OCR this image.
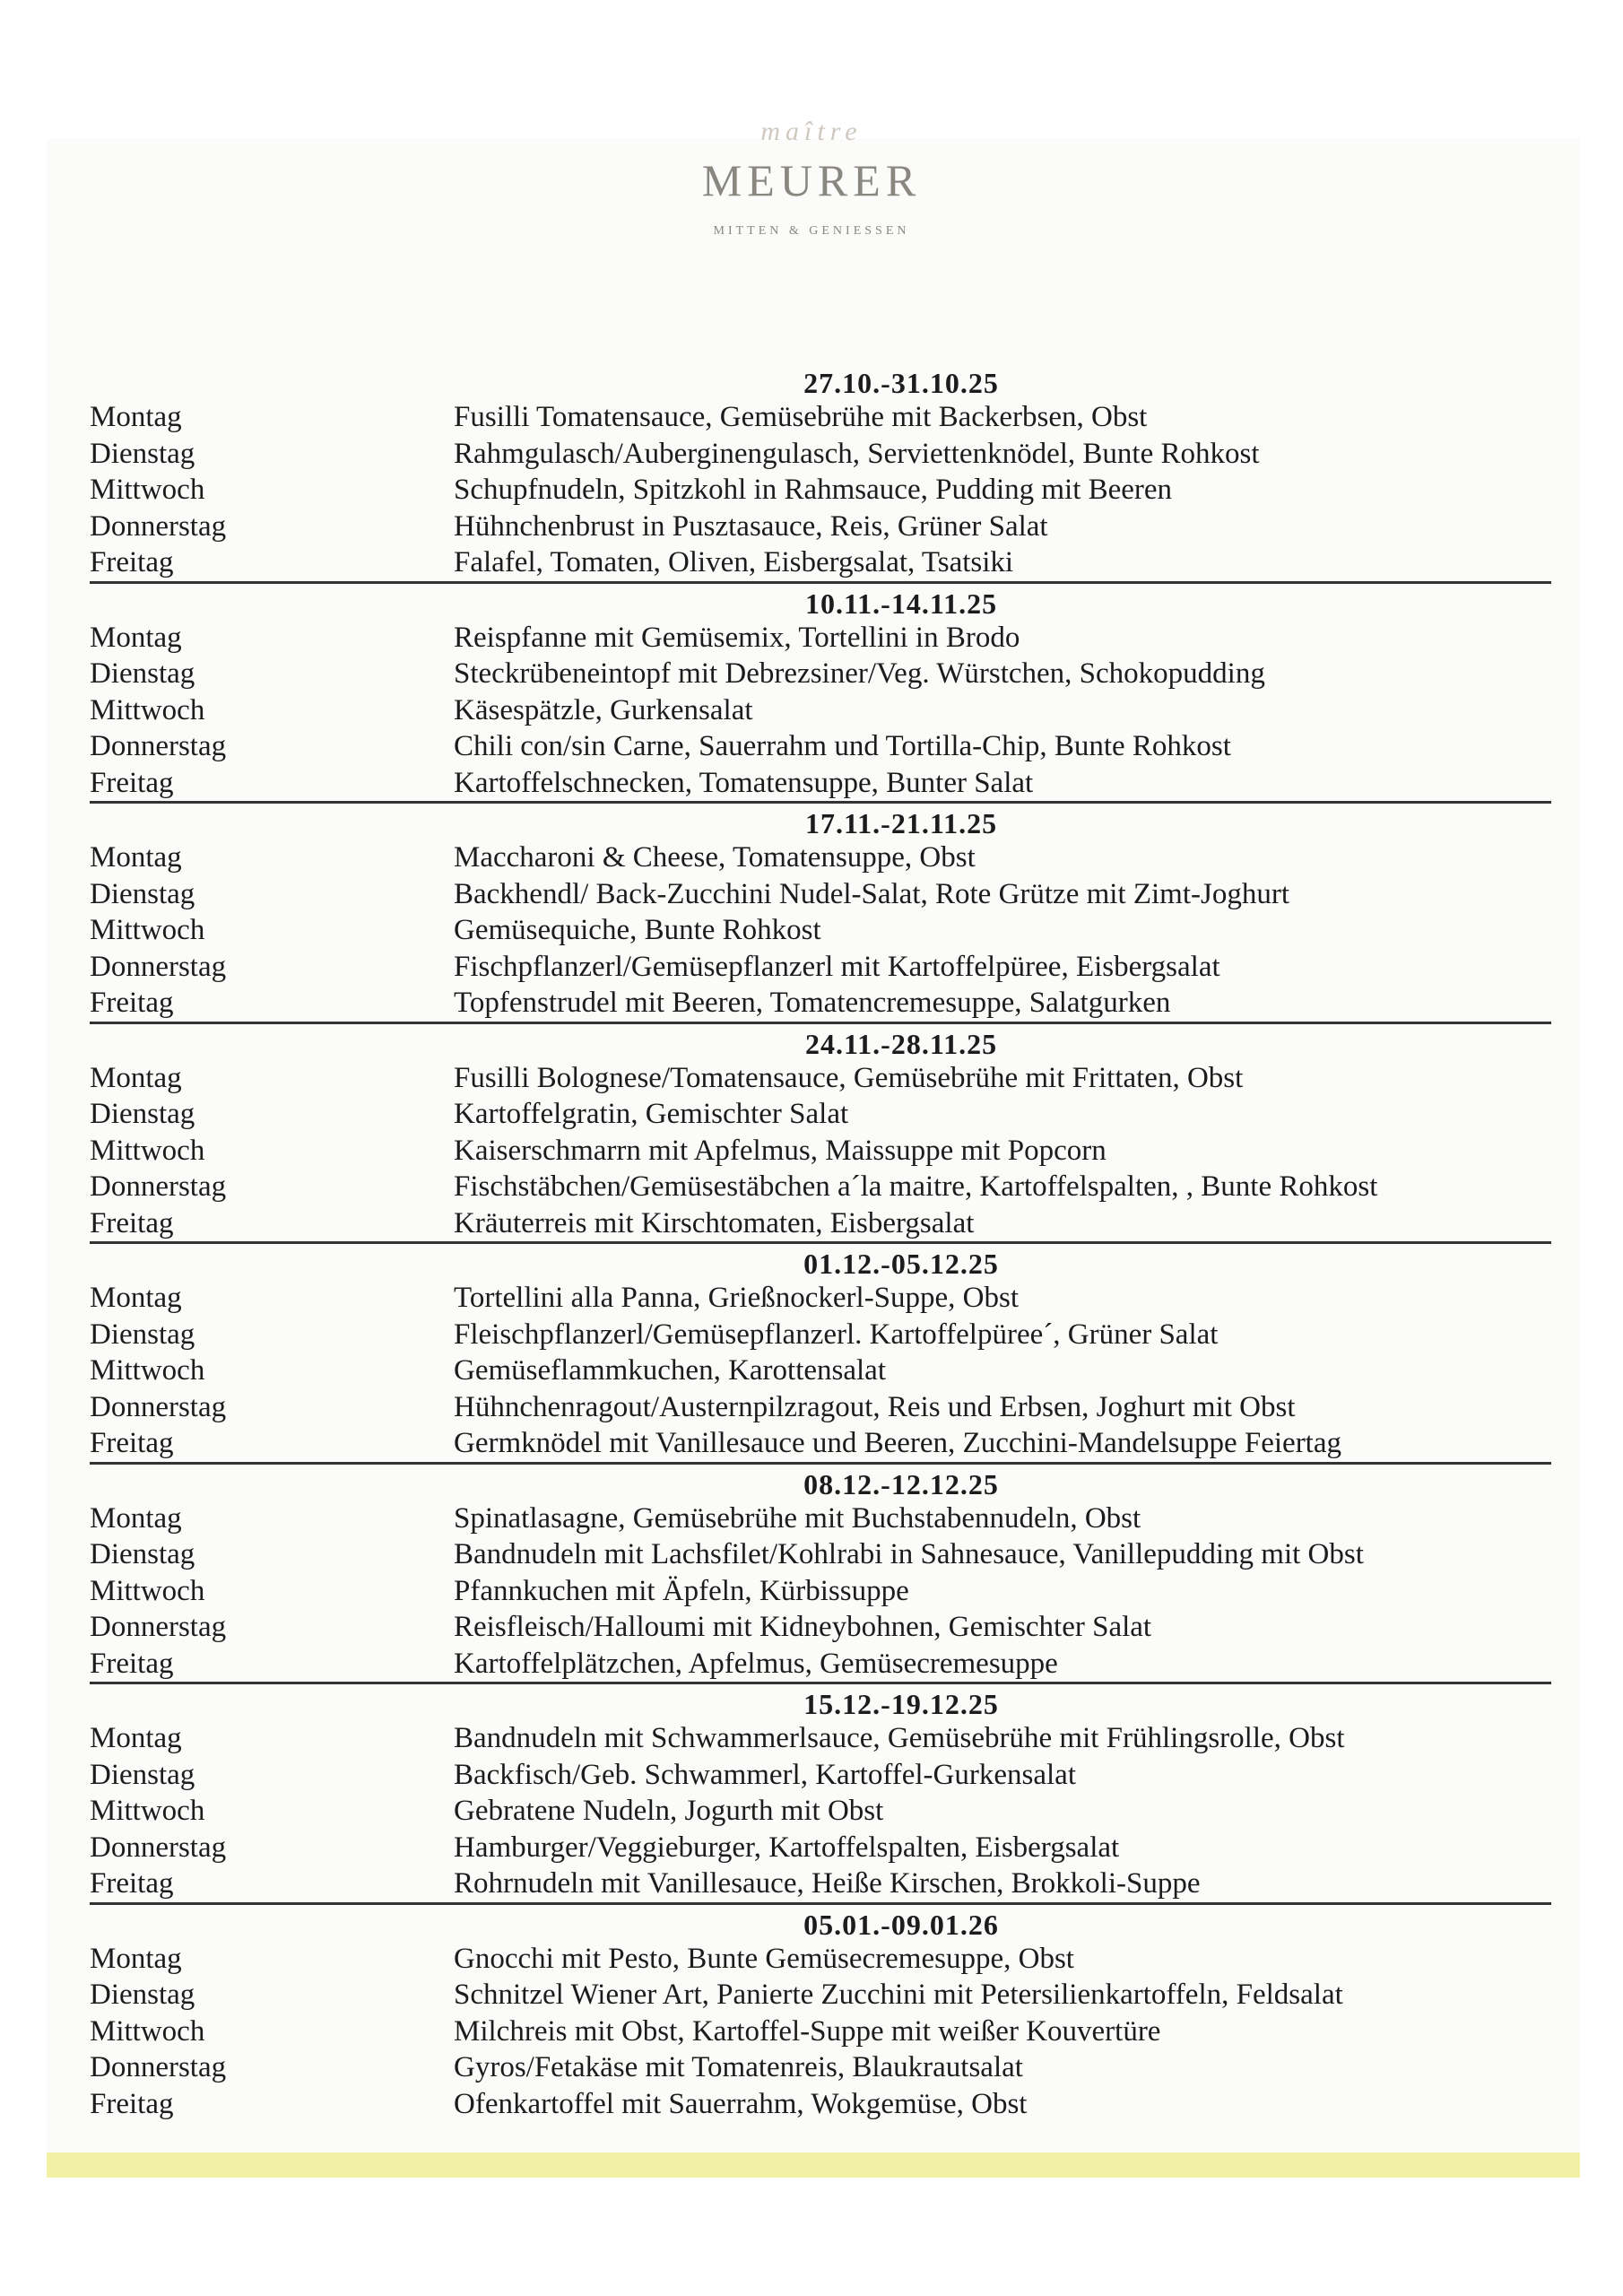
maître
MEURER
MITTEN & GENIESSEN
27.10.-31.10.25
Montag	Fusilli Tomatensauce, Gemüsebrühe mit Backerbsen, Obst
Dienstag	Rahmgulasch/Auberginengulasch, Serviettenknödel, Bunte Rohkost
Mittwoch	Schupfnudeln, Spitzkohl in Rahmsauce, Pudding mit Beeren
Donnerstag	Hühnchenbrust in Pusztasauce, Reis, Grüner Salat
Freitag	Falafel, Tomaten, Oliven, Eisbergsalat, Tsatsiki
10.11.-14.11.25
Montag	Reispfanne mit Gemüsemix, Tortellini in Brodo
Dienstag	Steckrübeneintopf mit Debrezsiner/Veg. Würstchen, Schokopudding
Mittwoch	Käsespätzle, Gurkensalat
Donnerstag	Chili con/sin Carne, Sauerrahm und Tortilla-Chip, Bunte Rohkost
Freitag	Kartoffelschnecken, Tomatensuppe, Bunter Salat
17.11.-21.11.25
Montag	Maccharoni & Cheese, Tomatensuppe, Obst
Dienstag	Backhendl/ Back-Zucchini Nudel-Salat, Rote Grütze mit Zimt-Joghurt
Mittwoch	Gemüsequiche, Bunte Rohkost
Donnerstag	Fischpflanzerl/Gemüsepflanzerl mit Kartoffelpüree, Eisbergsalat
Freitag	Topfenstrudel mit Beeren, Tomatencremesuppe, Salatgurken
24.11.-28.11.25
Montag	Fusilli Bolognese/Tomatensauce, Gemüsebrühe mit Frittaten, Obst
Dienstag	Kartoffelgratin, Gemischter Salat
Mittwoch	Kaiserschmarrn mit Apfelmus, Maissuppe mit Popcorn
Donnerstag	Fischstäbchen/Gemüsestäbchen a´la maitre, Kartoffelspalten, , Bunte Rohkost
Freitag	Kräuterreis mit Kirschtomaten, Eisbergsalat
01.12.-05.12.25
Montag	Tortellini alla Panna, Grießnockerl-Suppe, Obst
Dienstag	Fleischpflanzerl/Gemüsepflanzerl. Kartoffelpüree´, Grüner Salat
Mittwoch	Gemüseflammkuchen, Karottensalat
Donnerstag	Hühnchenragout/Austernpilzragout, Reis und Erbsen, Joghurt mit Obst
Freitag	Germknödel mit Vanillesauce und Beeren, Zucchini-Mandelsuppe Feiertag
08.12.-12.12.25
Montag	Spinatlasagne, Gemüsebrühe mit Buchstabennudeln, Obst
Dienstag	Bandnudeln mit Lachsfilet/Kohlrabi in Sahnesauce, Vanillepudding mit Obst
Mittwoch	Pfannkuchen mit Äpfeln, Kürbissuppe
Donnerstag	Reisfleisch/Halloumi mit Kidneybohnen, Gemischter Salat
Freitag	Kartoffelplätzchen, Apfelmus, Gemüsecremesuppe
15.12.-19.12.25
Montag	Bandnudeln mit Schwammerlsauce, Gemüsebrühe mit Frühlingsrolle, Obst
Dienstag	Backfisch/Geb. Schwammerl, Kartoffel-Gurkensalat
Mittwoch	Gebratene Nudeln, Jogurth mit Obst
Donnerstag	Hamburger/Veggieburger, Kartoffelspalten, Eisbergsalat
Freitag	Rohrnudeln mit Vanillesauce, Heiße Kirschen, Brokkoli-Suppe
05.01.-09.01.26
Montag	Gnocchi mit Pesto, Bunte Gemüsecremesuppe, Obst
Dienstag	Schnitzel Wiener Art, Panierte Zucchini mit Petersilienkartoffeln, Feldsalat
Mittwoch	Milchreis mit Obst, Kartoffel-Suppe mit weißer Kouvertüre
Donnerstag	Gyros/Fetakäse mit Tomatenreis, Blaukrautsalat
Freitag	Ofenkartoffel mit Sauerrahm, Wokgemüse, Obst
